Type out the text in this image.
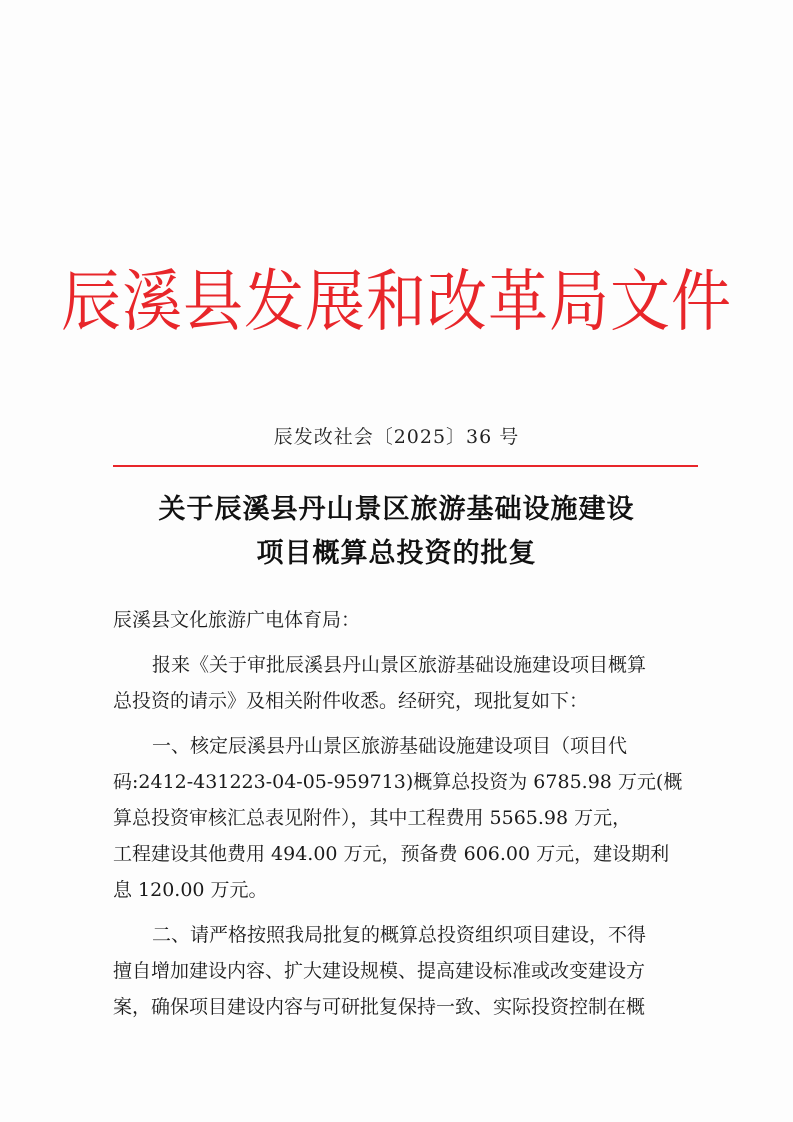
辰溪县发展和改革局文件
辰发改社会〔2025〕36 号
关于辰溪县丹山景区旅游基础设施建设
项目概算总投资的批复
辰溪县文化旅游广电体育局：
报来《关于审批辰溪县丹山景区旅游基础设施建设项目概算
总投资的请示》及相关附件收悉。经研究，现批复如下：
一、核定辰溪县丹山景区旅游基础设施建设项目（项目代
码:2412-431223-04-05-959713)概算总投资为 6785.98 万元(概
算总投资审核汇总表见附件），其中工程费用 5565.98 万元，
工程建设其他费用 494.00 万元，预备费 606.00 万元，建设期利
息 120.00 万元。
二、请严格按照我局批复的概算总投资组织项目建设，不得
擅自增加建设内容、扩大建设规模、提高建设标准或改变建设方
案，确保项目建设内容与可研批复保持一致、实际投资控制在概
